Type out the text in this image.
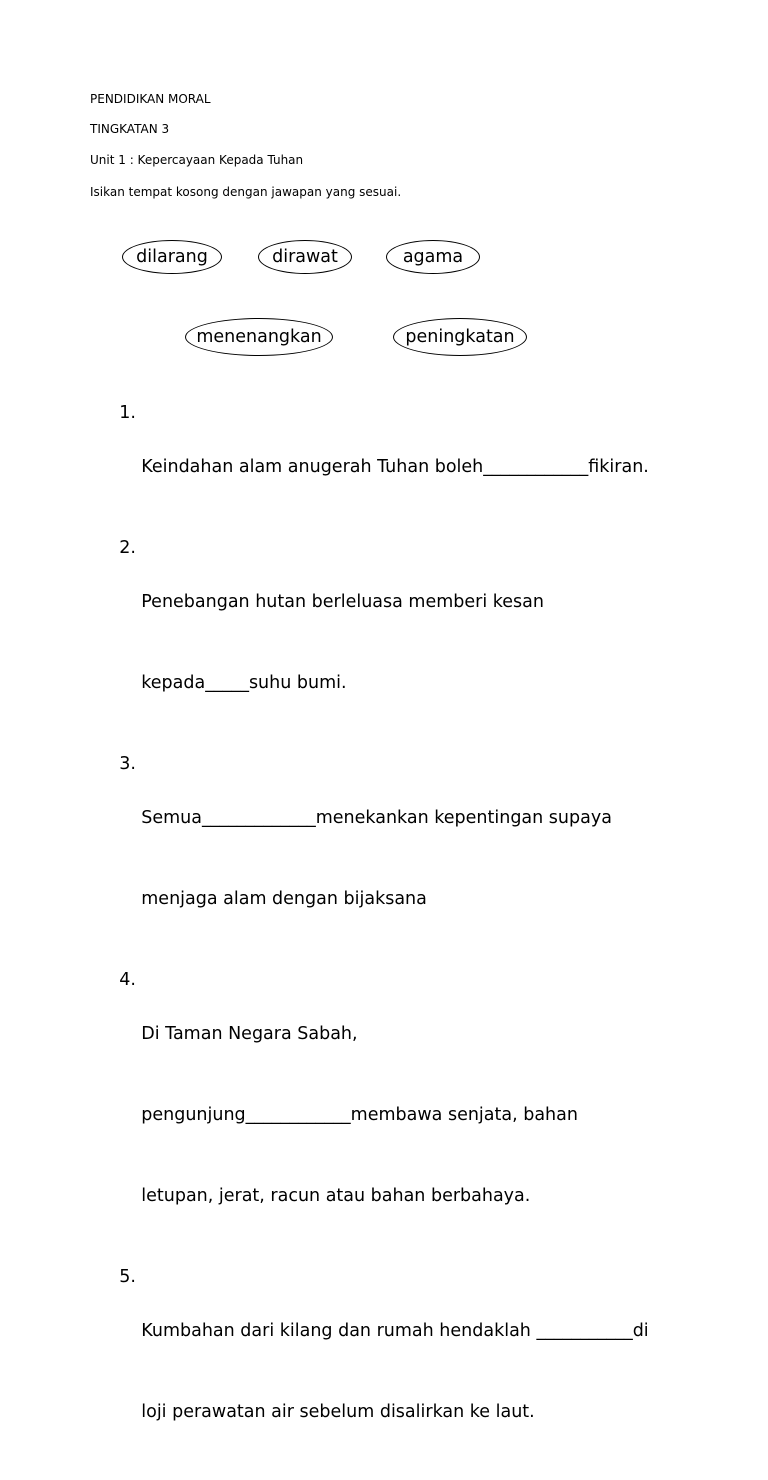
PENDIDIKAN MORAL
TINGKATAN 3
Unit 1 : Kepercayaan Kepada Tuhan
Isikan tempat kosong dengan jawapan yang sesuai.
dilarang	dirawat	agama
menenangkan	peningkatan
1.

Keindahan alam anugerah Tuhan boleh____________fikiran.

2.

Penebangan hutan berleluasa memberi kesan

kepada_____suhu bumi.

3.

Semua_____________menekankan kepentingan supaya

menjaga alam dengan bijaksana

4.

Di Taman Negara Sabah,

pengunjung____________membawa senjata, bahan

letupan, jerat, racun atau bahan berbahaya.

5.

Kumbahan dari kilang dan rumah hendaklah ___________di

loji perawatan air sebelum disalirkan ke laut.
